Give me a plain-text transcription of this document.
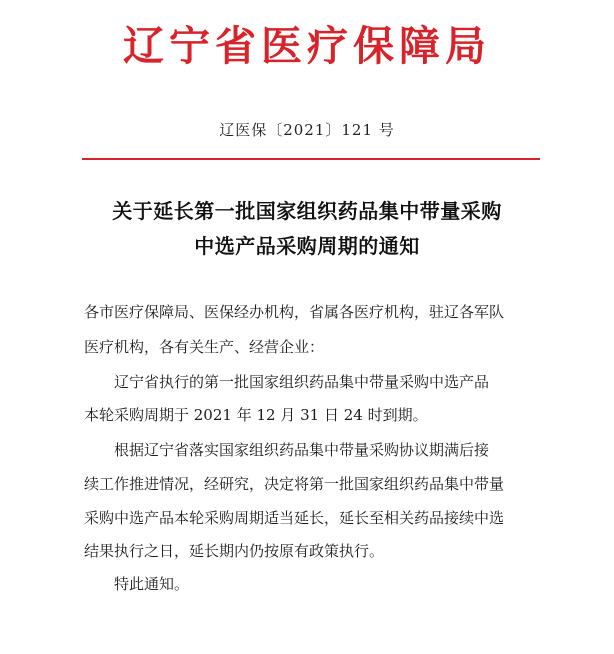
辽宁省医疗保障局
辽医保〔2021〕121 号
关于延长第一批国家组织药品集中带量采购
中选产品采购周期的通知
各市医疗保障局、医保经办机构，省属各医疗机构，驻辽各军队
医疗机构，各有关生产、经营企业：
辽宁省执行的第一批国家组织药品集中带量采购中选产品
本轮采购周期于 2021 年 12 月 31 日 24 时到期。
根据辽宁省落实国家组织药品集中带量采购协议期满后接
续工作推进情况，经研究，决定将第一批国家组织药品集中带量
采购中选产品本轮采购周期适当延长，延长至相关药品接续中选
结果执行之日，延长期内仍按原有政策执行。
特此通知。
